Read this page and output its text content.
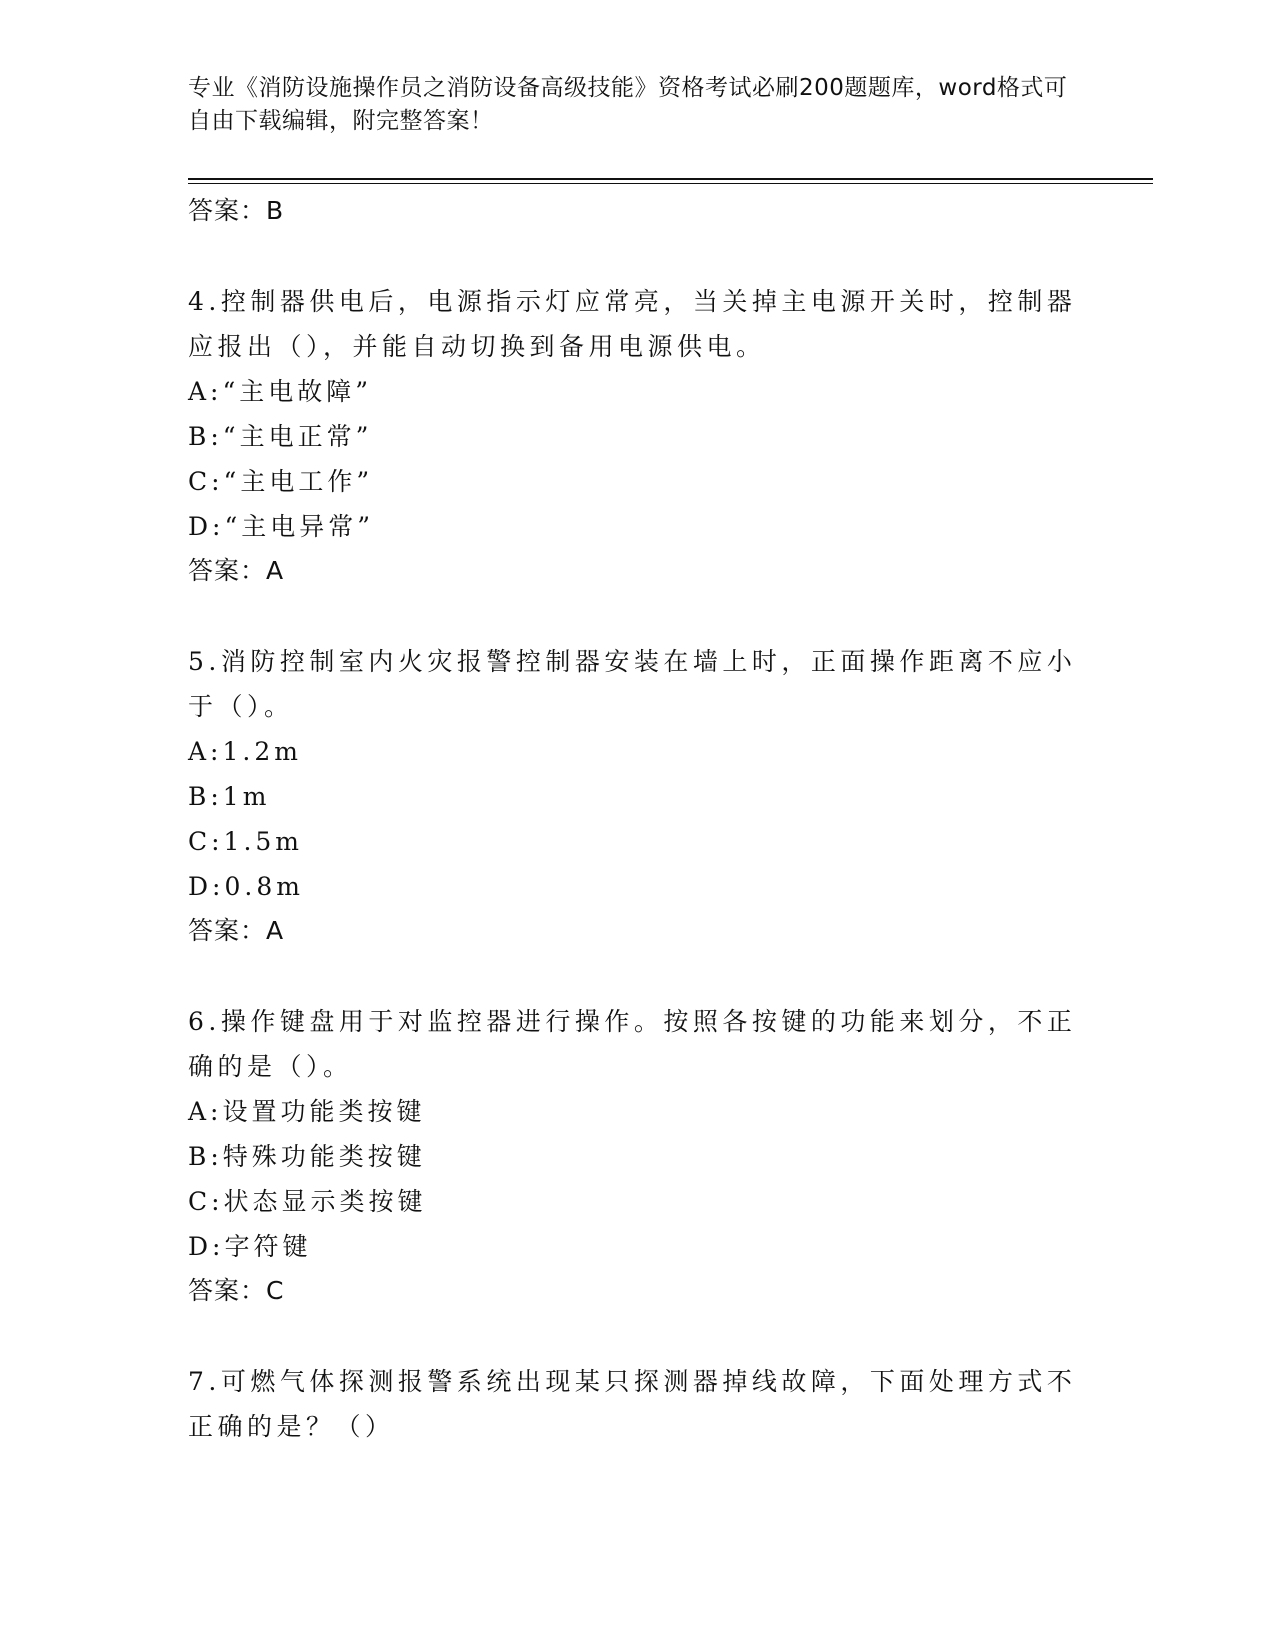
专业《消防设施操作员之消防设备高级技能》资格考试必刷200题题库，word格式可自由下载编辑，附完整答案！
答案：B

4.控制器供电后，电源指示灯应常亮，当关掉主电源开关时，控制器应报出（），并能自动切换到备用电源供电。

A:“主电故障”
B:“主电正常”
C:“主电工作”
D:“主电异常”
答案：A

5.消防控制室内火灾报警控制器安装在墙上时，正面操作距离不应小于（）。

A:1.2m
B:1m
C:1.5m
D:0.8m
答案：A

6.操作键盘用于对监控器进行操作。按照各按键的功能来划分，不正确的是（）。

A:设置功能类按键
B:特殊功能类按键
C:状态显示类按键
D:字符键
答案：C

7.可燃气体探测报警系统出现某只探测器掉线故障，下面处理方式不正确的是？（）
